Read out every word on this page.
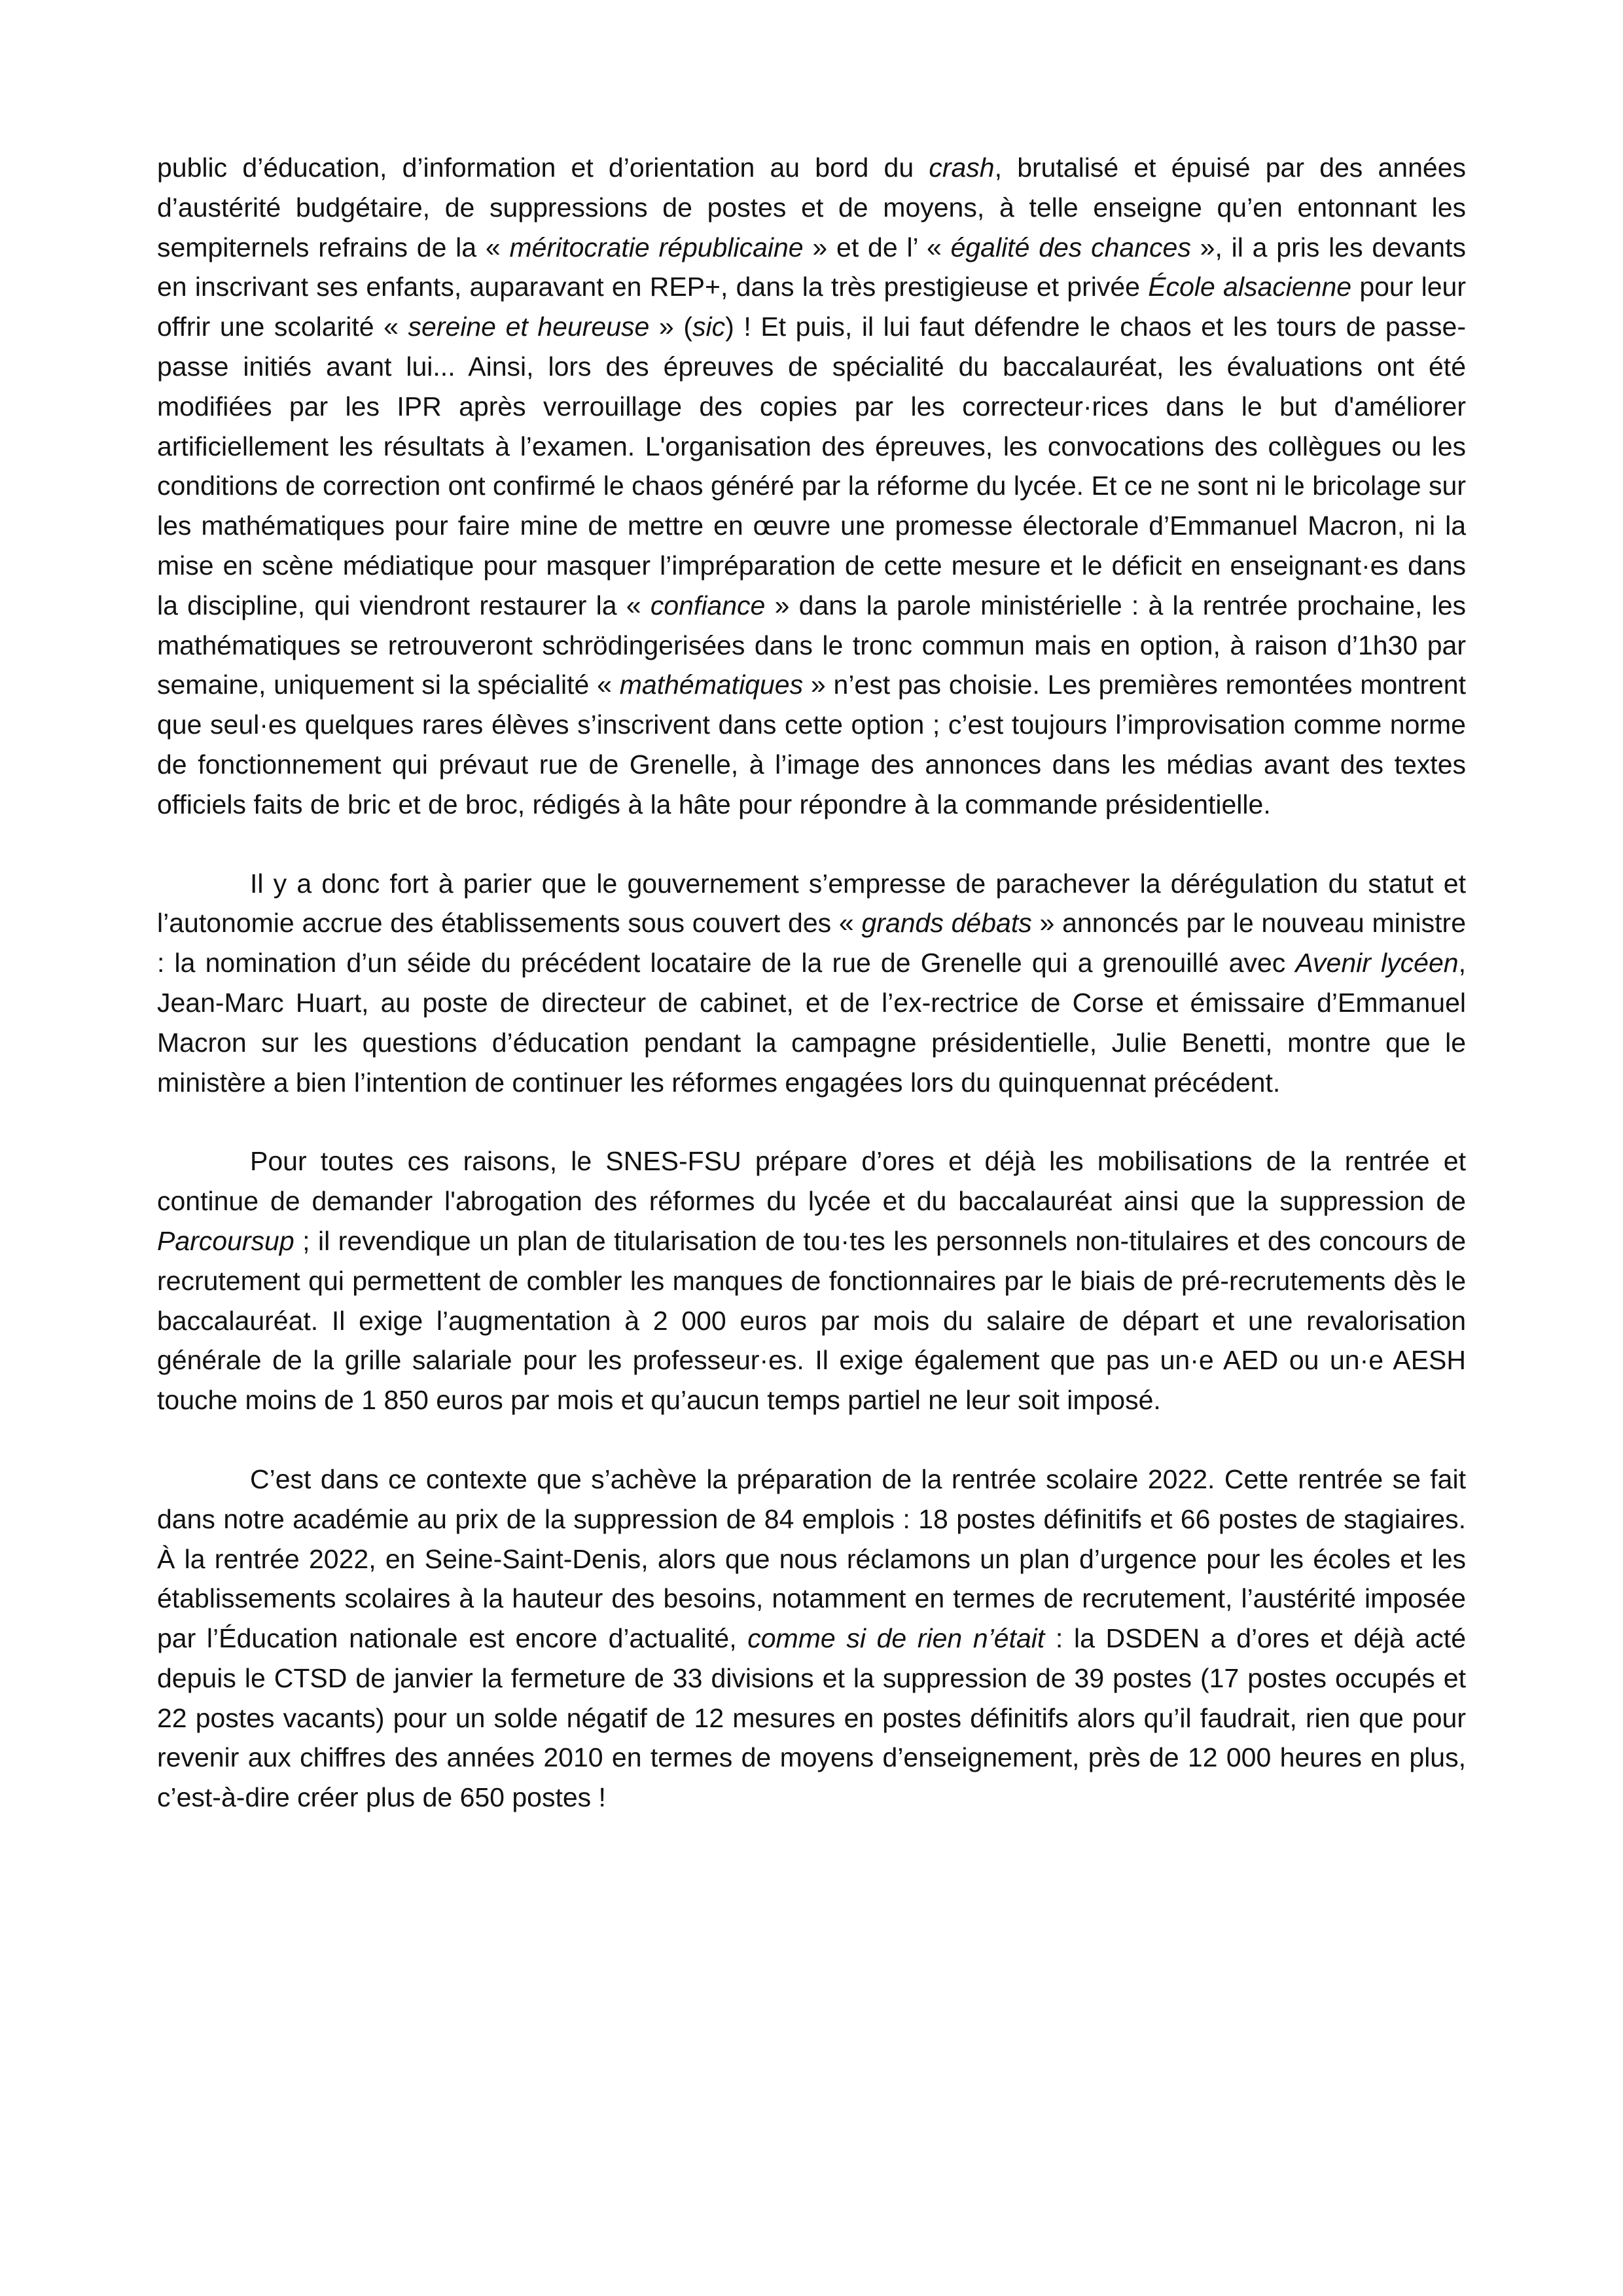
public d’éducation, d’information et d’orientation au bord du crash, brutalisé et épuisé par des années d’austérité budgétaire, de suppressions de postes et de moyens, à telle enseigne qu’en entonnant les sempiternels refrains de la « méritocratie républicaine » et de l’ « égalité des chances », il a pris les devants en inscrivant ses enfants, auparavant en REP+, dans la très prestigieuse et privée École alsacienne pour leur offrir une scolarité « sereine et heureuse » (sic) ! Et puis, il lui faut défendre le chaos et les tours de passe-passe initiés avant lui... Ainsi, lors des épreuves de spécialité du baccalauréat, les évaluations ont été modifiées par les IPR après verrouillage des copies par les correcteur·rices dans le but d'améliorer artificiellement les résultats à l’examen. L'organisation des épreuves, les convocations des collègues ou les conditions de correction ont confirmé le chaos généré par la réforme du lycée. Et ce ne sont ni le bricolage sur les mathématiques pour faire mine de mettre en œuvre une promesse électorale d’Emmanuel Macron, ni la mise en scène médiatique pour masquer l’impréparation de cette mesure et le déficit en enseignant·es dans la discipline, qui viendront restaurer la « confiance » dans la parole ministérielle : à la rentrée prochaine, les mathématiques se retrouveront schrödingerisées dans le tronc commun mais en option, à raison d’1h30 par semaine, uniquement si la spécialité « mathématiques » n’est pas choisie. Les premières remontées montrent que seul·es quelques rares élèves s’inscrivent dans cette option ; c’est toujours l’improvisation comme norme de fonctionnement qui prévaut rue de Grenelle, à l’image des annonces dans les médias avant des textes officiels faits de bric et de broc, rédigés à la hâte pour répondre à la commande présidentielle.

Il y a donc fort à parier que le gouvernement s’empresse de parachever la dérégulation du statut et l’autonomie accrue des établissements sous couvert des « grands débats » annoncés par le nouveau ministre : la nomination d’un séide du précédent locataire de la rue de Grenelle qui a grenouillé avec Avenir lycéen, Jean-Marc Huart, au poste de directeur de cabinet, et de l’ex-rectrice de Corse et émissaire d’Emmanuel Macron sur les questions d’éducation pendant la campagne présidentielle, Julie Benetti, montre que le ministère a bien l’intention de continuer les réformes engagées lors du quinquennat précédent.

Pour toutes ces raisons, le SNES-FSU prépare d’ores et déjà les mobilisations de la rentrée et continue de demander l'abrogation des réformes du lycée et du baccalauréat ainsi que la suppression de Parcoursup ; il revendique un plan de titularisation de tou·tes les personnels non-titulaires et des concours de recrutement qui permettent de combler les manques de fonctionnaires par le biais de pré-recrutements dès le baccalauréat. Il exige l’augmentation à 2 000 euros par mois du salaire de départ et une revalorisation générale de la grille salariale pour les professeur·es. Il exige également que pas un·e AED ou un·e AESH touche moins de 1 850 euros par mois et qu’aucun temps partiel ne leur soit imposé.

C’est dans ce contexte que s’achève la préparation de la rentrée scolaire 2022. Cette rentrée se fait dans notre académie au prix de la suppression de 84 emplois : 18 postes définitifs et 66 postes de stagiaires. À la rentrée 2022, en Seine-Saint-Denis, alors que nous réclamons un plan d’urgence pour les écoles et les établissements scolaires à la hauteur des besoins, notamment en termes de recrutement, l’austérité imposée par l’Éducation nationale est encore d’actualité, comme si de rien n’était : la DSDEN a d’ores et déjà acté depuis le CTSD de janvier la fermeture de 33 divisions et la suppression de 39 postes (17 postes occupés et 22 postes vacants) pour un solde négatif de 12 mesures en postes définitifs alors qu’il faudrait, rien que pour revenir aux chiffres des années 2010 en termes de moyens d’enseignement, près de 12 000 heures en plus, c’est-à-dire créer plus de 650 postes !
